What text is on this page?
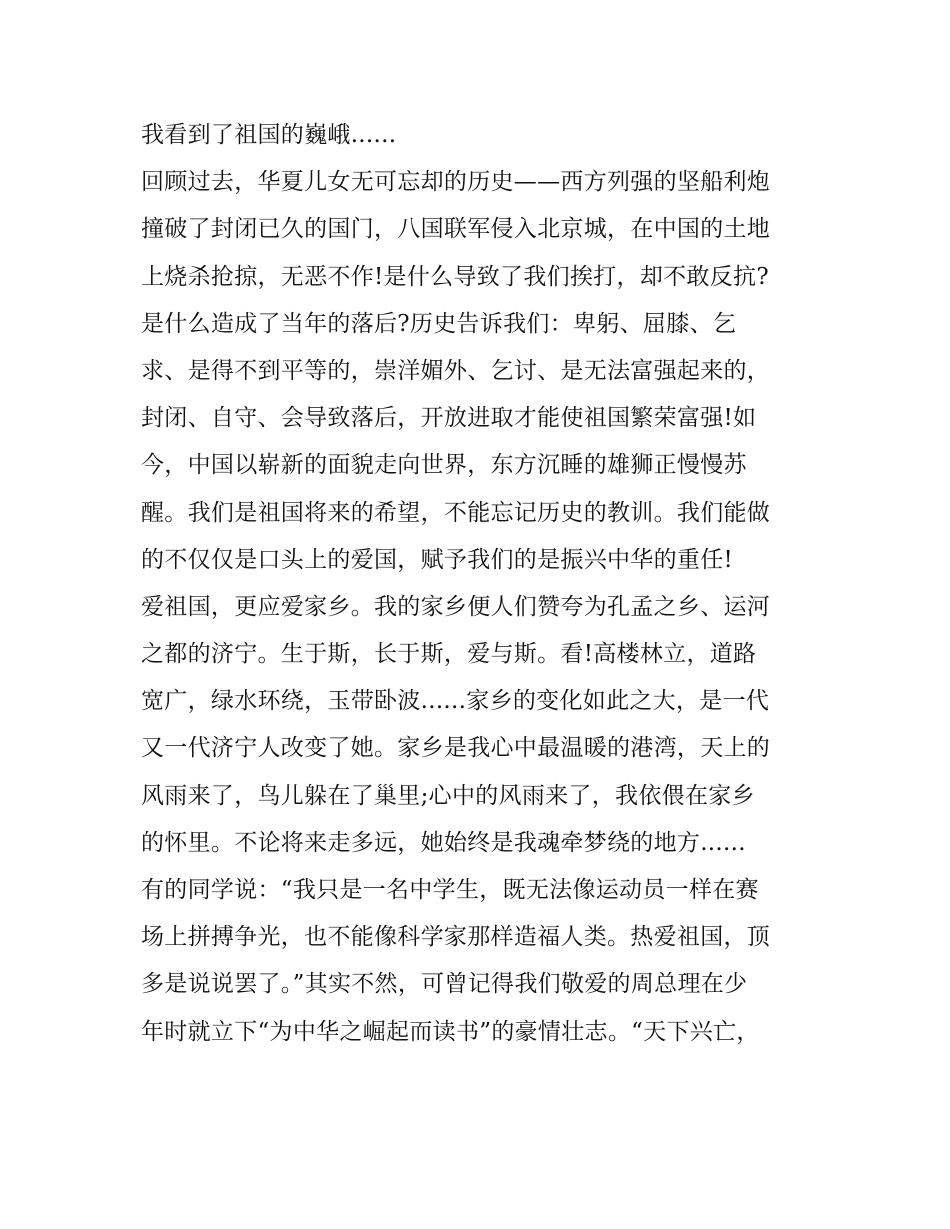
我看到了祖国的巍峨......
回顾过去，华夏儿女无可忘却的历史——西方列强的坚船利炮
撞破了封闭已久的国门，八国联军侵入北京城，在中国的土地
上烧杀抢掠，无恶不作!是什么导致了我们挨打，却不敢反抗?
是什么造成了当年的落后?历史告诉我们：卑躬、屈膝、乞
求、是得不到平等的，崇洋媚外、乞讨、是无法富强起来的，
封闭、自守、会导致落后，开放进取才能使祖国繁荣富强!如
今，中国以崭新的面貌走向世界，东方沉睡的雄狮正慢慢苏
醒。我们是祖国将来的希望，不能忘记历史的教训。我们能做
的不仅仅是口头上的爱国，赋予我们的是振兴中华的重任!
爱祖国，更应爱家乡。我的家乡便人们赞夸为孔孟之乡、运河
之都的济宁。生于斯，长于斯，爱与斯。看!高楼林立，道路
宽广，绿水环绕，玉带卧波......家乡的变化如此之大，是一代
又一代济宁人改变了她。家乡是我心中最温暖的港湾，天上的
风雨来了，鸟儿躲在了巢里;心中的风雨来了，我依偎在家乡
的怀里。不论将来走多远，她始终是我魂牵梦绕的地方......
有的同学说：“我只是一名中学生，既无法像运动员一样在赛
场上拼搏争光，也不能像科学家那样造福人类。热爱祖国，顶
多是说说罢了。”其实不然，可曾记得我们敬爱的周总理在少
年时就立下“为中华之崛起而读书”的豪情壮志。“天下兴亡，
